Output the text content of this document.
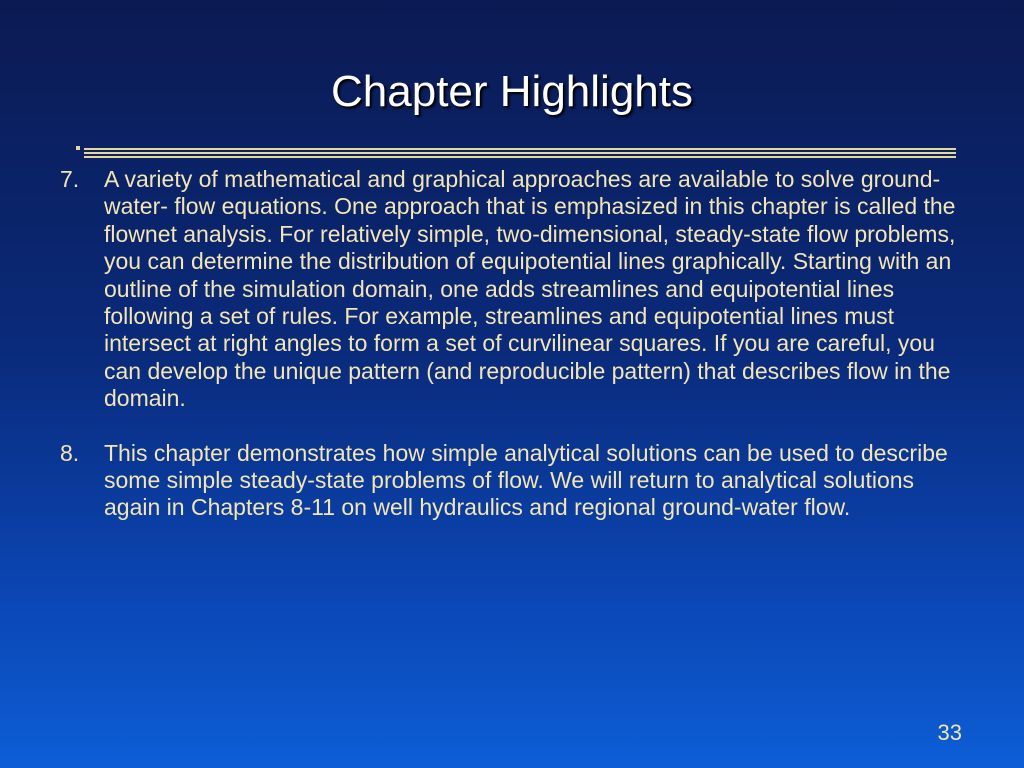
Chapter Highlights
7.	A variety of mathematical and graphical approaches are available to solve ground-water- flow equations. One approach that is emphasized in this chapter is called the flownet analysis. For relatively simple, two-dimensional, steady-state flow problems, you can determine the distribution of equipotential lines graphically. Starting with an outline of the simulation domain, one adds streamlines and equipotential lines following a set of rules. For example, streamlines and equipotential lines must intersect at right angles to form a set of curvilinear squares. If you are careful, you can develop the unique pattern (and reproducible pattern) that describes flow in the domain.
8.	This chapter demonstrates how simple analytical solutions can be used to describe some simple steady-state problems of flow. We will return to analytical solutions again in Chapters 8-11 on well hydraulics and regional ground-water flow.
33
